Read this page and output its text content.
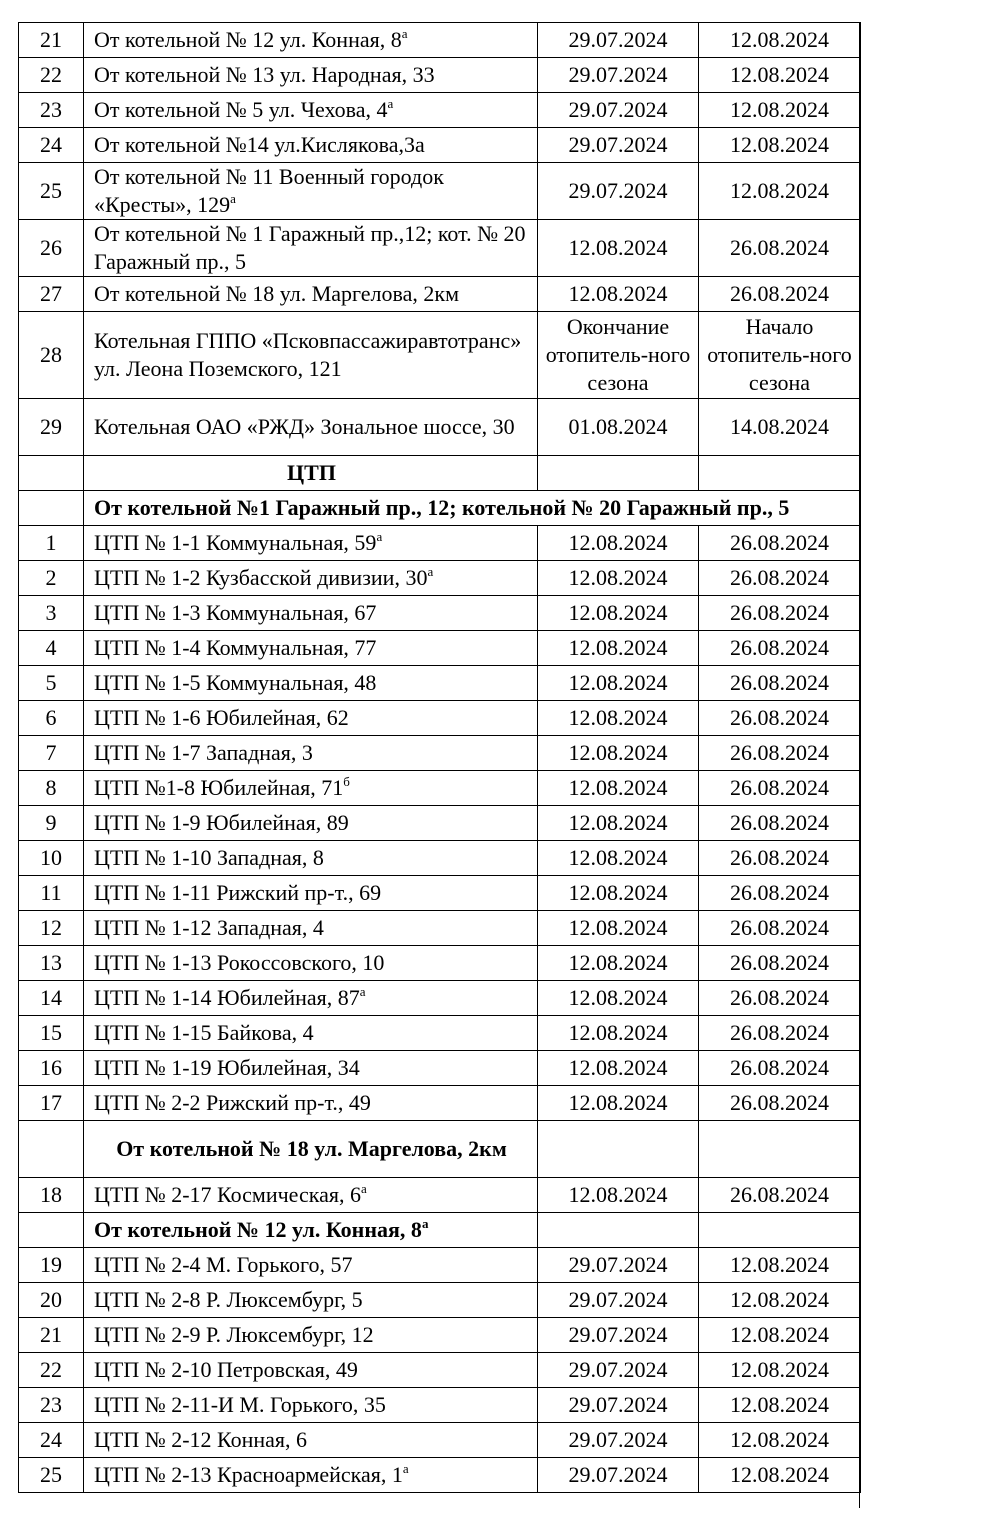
21	От котельной № 12 ул. Конная, 8$^а$	29.07.2024	12.08.2024
22	От котельной № 13 ул. Народная, 33	29.07.2024	12.08.2024
23	От котельной № 5 ул. Чехова, 4$^а$	29.07.2024	12.08.2024
24	От котельной №14 ул.Кислякова,3а	29.07.2024	12.08.2024
25	От котельной № 11 Военный городок «Кресты», 129$^а$	29.07.2024	12.08.2024
26	От котельной № 1 Гаражный пр.,12; кот. № 20 Гаражный пр., 5	12.08.2024	26.08.2024
27	От котельной № 18 ул. Маргелова, 2км	12.08.2024	26.08.2024
28	Котельная ГППО «Псковпассажиравтотранс» ул. Леона Поземского, 121	Окончание отопитель-ного сезона	Начало отопитель-ного сезона
29	Котельная ОАО «РЖД» Зональное шоссе, 30	01.08.2024	14.08.2024
	ЦТП		
	От котельной №1 Гаражный пр., 12; котельной № 20 Гаражный пр., 5		
1	ЦТП № 1-1 Коммунальная, 59$^а$	12.08.2024	26.08.2024
2	ЦТП № 1-2 Кузбасской дивизии, 30$^а$	12.08.2024	26.08.2024
3	ЦТП № 1-3 Коммунальная, 67	12.08.2024	26.08.2024
4	ЦТП № 1-4 Коммунальная, 77	12.08.2024	26.08.2024
5	ЦТП № 1-5 Коммунальная, 48	12.08.2024	26.08.2024
6	ЦТП № 1-6 Юбилейная, 62	12.08.2024	26.08.2024
7	ЦТП № 1-7 Западная, 3	12.08.2024	26.08.2024
8	ЦТП №1-8 Юбилейная, 71$^б$	12.08.2024	26.08.2024
9	ЦТП № 1-9 Юбилейная, 89	12.08.2024	26.08.2024
10	ЦТП № 1-10 Западная, 8	12.08.2024	26.08.2024
11	ЦТП № 1-11 Рижский пр-т., 69	12.08.2024	26.08.2024
12	ЦТП № 1-12 Западная, 4	12.08.2024	26.08.2024
13	ЦТП № 1-13 Рокоссовского, 10	12.08.2024	26.08.2024
14	ЦТП № 1-14 Юбилейная, 87$^а$	12.08.2024	26.08.2024
15	ЦТП № 1-15 Байкова, 4	12.08.2024	26.08.2024
16	ЦТП № 1-19 Юбилейная, 34	12.08.2024	26.08.2024
17	ЦТП № 2-2 Рижский пр-т., 49	12.08.2024	26.08.2024
	От котельной № 18 ул. Маргелова, 2км		
18	ЦТП № 2-17 Космическая, 6$^а$	12.08.2024	26.08.2024
	От котельной № 12 ул. Конная, 8$^а$		
19	ЦТП № 2-4 М. Горького, 57	29.07.2024	12.08.2024
20	ЦТП № 2-8 Р. Люксембург, 5	29.07.2024	12.08.2024
21	ЦТП № 2-9 Р. Люксембург, 12	29.07.2024	12.08.2024
22	ЦТП № 2-10 Петровская, 49	29.07.2024	12.08.2024
23	ЦТП № 2-11-И М. Горького, 35	29.07.2024	12.08.2024
24	ЦТП № 2-12 Конная, 6	29.07.2024	12.08.2024
25	ЦТП № 2-13 Красноармейская, 1$^а$	29.07.2024	12.08.2024
